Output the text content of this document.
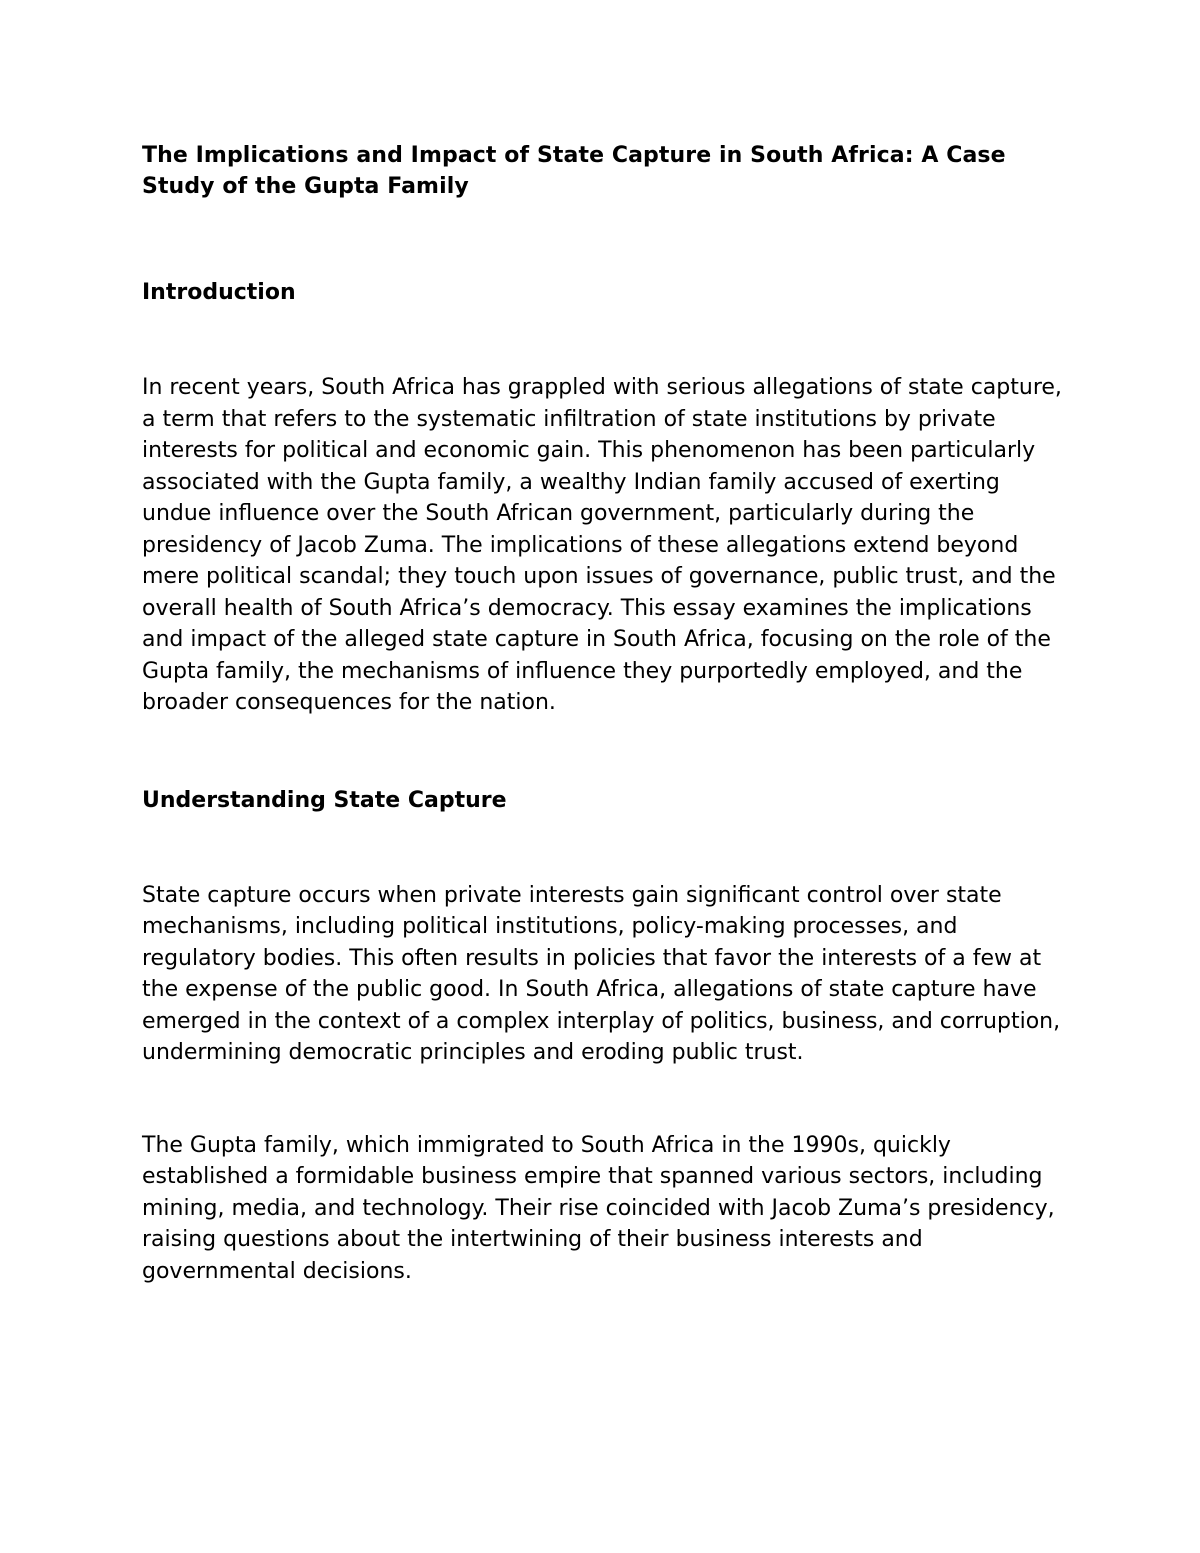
The Implications and Impact of State Capture in South Africa: A Case Study of the Gupta Family
Introduction

In recent years, South Africa has grappled with serious allegations of state capture, a term that refers to the systematic infiltration of state institutions by private interests for political and economic gain. This phenomenon has been particularly associated with the Gupta family, a wealthy Indian family accused of exerting undue influence over the South African government, particularly during the presidency of Jacob Zuma. The implications of these allegations extend beyond mere political scandal; they touch upon issues of governance, public trust, and the overall health of South Africa’s democracy. This essay examines the implications and impact of the alleged state capture in South Africa, focusing on the role of the Gupta family, the mechanisms of influence they purportedly employed, and the broader consequences for the nation.

Understanding State Capture

State capture occurs when private interests gain significant control over state mechanisms, including political institutions, policy-making processes, and regulatory bodies. This often results in policies that favor the interests of a few at the expense of the public good. In South Africa, allegations of state capture have emerged in the context of a complex interplay of politics, business, and corruption, undermining democratic principles and eroding public trust.

The Gupta family, which immigrated to South Africa in the 1990s, quickly established a formidable business empire that spanned various sectors, including mining, media, and technology. Their rise coincided with Jacob Zuma’s presidency, raising questions about the intertwining of their business interests and governmental decisions.
